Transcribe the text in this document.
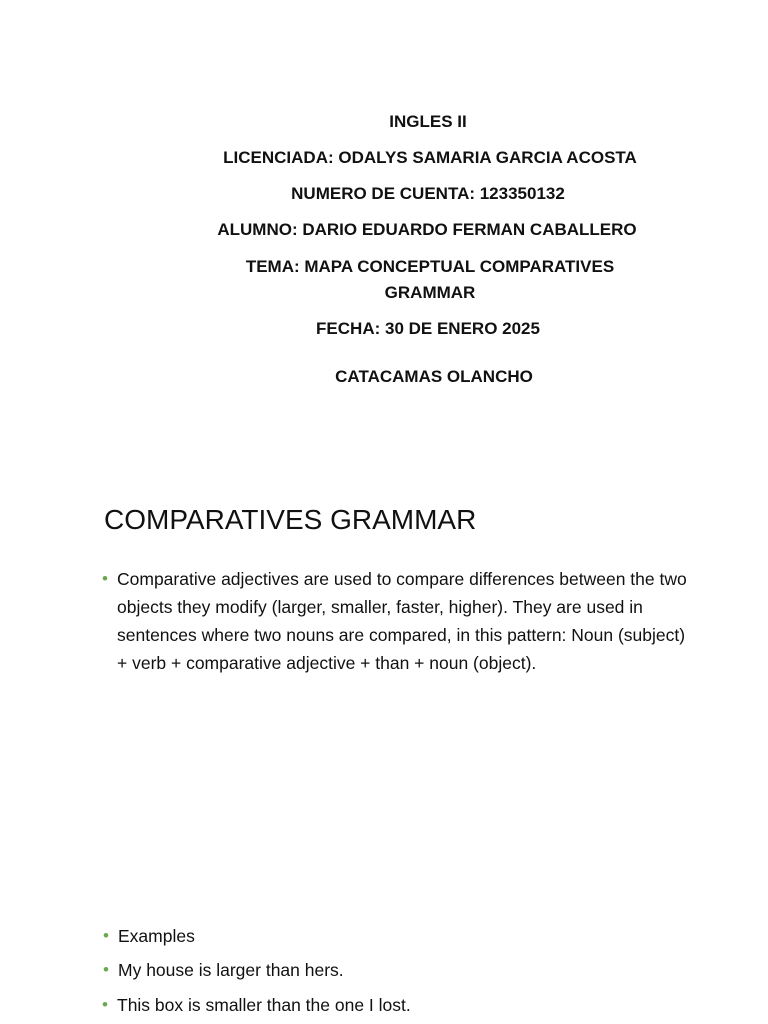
INGLES II
LICENCIADA: ODALYS SAMARIA GARCIA ACOSTA
NUMERO DE CUENTA: 123350132
ALUMNO: DARIO EDUARDO FERMAN CABALLERO
TEMA: MAPA CONCEPTUAL COMPARATIVES GRAMMAR
FECHA: 30 DE ENERO 2025
CATACAMAS OLANCHO
COMPARATIVES GRAMMAR
• Comparative adjectives are used to compare differences between the two objects they modify (larger, smaller, faster, higher). They are used in sentences where two nouns are compared, in this pattern: Noun (subject) + verb + comparative adjective + than + noun (object).
• Examples
• My house is larger than hers.
• This box is smaller than the one I lost.
